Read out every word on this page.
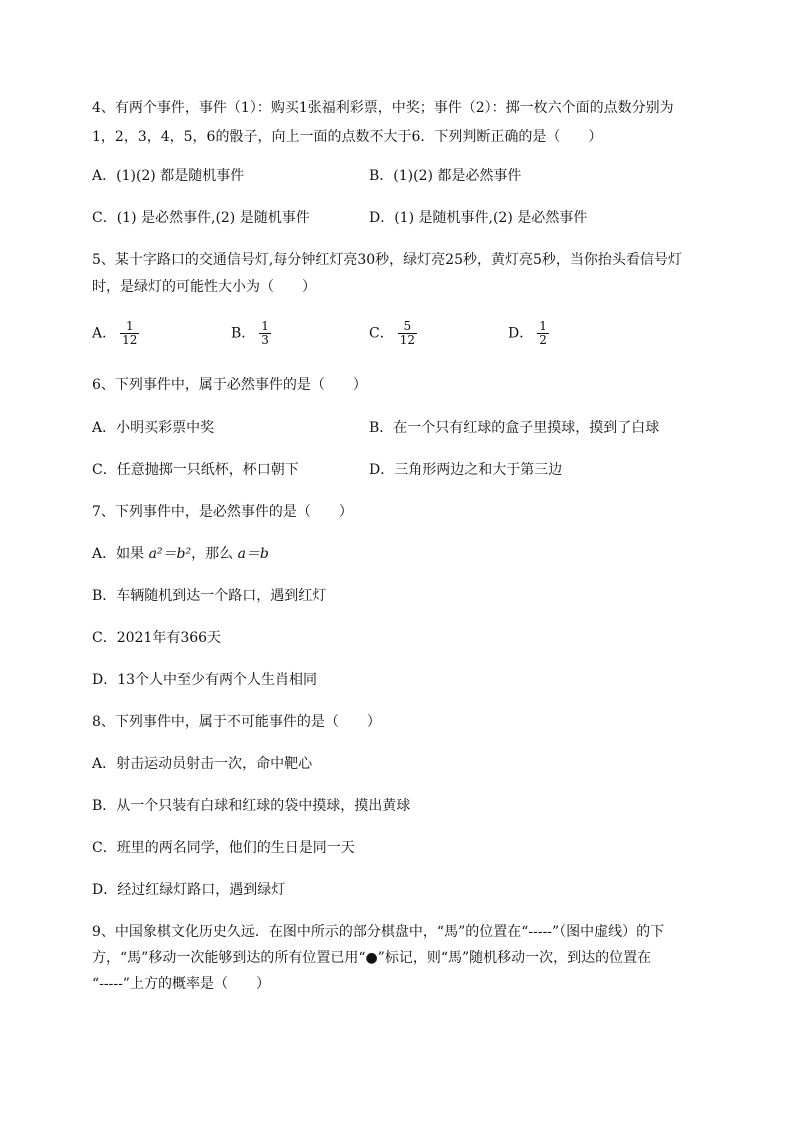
4、有两个事件，事件（1）：购买1张福利彩票，中奖；事件（2）：掷一枚六个面的点数分别为
1，2，3，4，5，6的骰子，向上一面的点数不大于6．下列判断正确的是（　　）
A．(1)(2) 都是随机事件	B．(1)(2) 都是必然事件
C．(1) 是必然事件,(2) 是随机事件	D．(1) 是随机事件,(2) 是必然事件
5、某十字路口的交通信号灯,每分钟红灯亮30秒，绿灯亮25秒，黄灯亮5秒，当你抬头看信号灯
时，是绿灯的可能性大小为（　　）
A． $\frac{1}{12}$	B． $\frac{1}{3}$	C． $\frac{5}{12}$	D． $\frac{1}{2}$
6、下列事件中，属于必然事件的是（　　）
A．小明买彩票中奖	B．在一个只有红球的盒子里摸球，摸到了白球
C．任意抛掷一只纸杯，杯口朝下	D．三角形两边之和大于第三边
7、下列事件中，是必然事件的是（　　）
A．如果 a²＝b²，那么 a＝b
B．车辆随机到达一个路口，遇到红灯
C．2021年有366天
D．13个人中至少有两个人生肖相同
8、下列事件中，属于不可能事件的是（　　）
A．射击运动员射击一次，命中靶心
B．从一个只装有白球和红球的袋中摸球，摸出黄球
C．班里的两名同学，他们的生日是同一天
D．经过红绿灯路口，遇到绿灯
9、中国象棋文化历史久远．在图中所示的部分棋盘中，“馬”的位置在“-----”（图中虚线）的下
方，“馬”移动一次能够到达的所有位置已用“●”标记，则“馬”随机移动一次，到达的位置在
“-----”上方的概率是（　　）
